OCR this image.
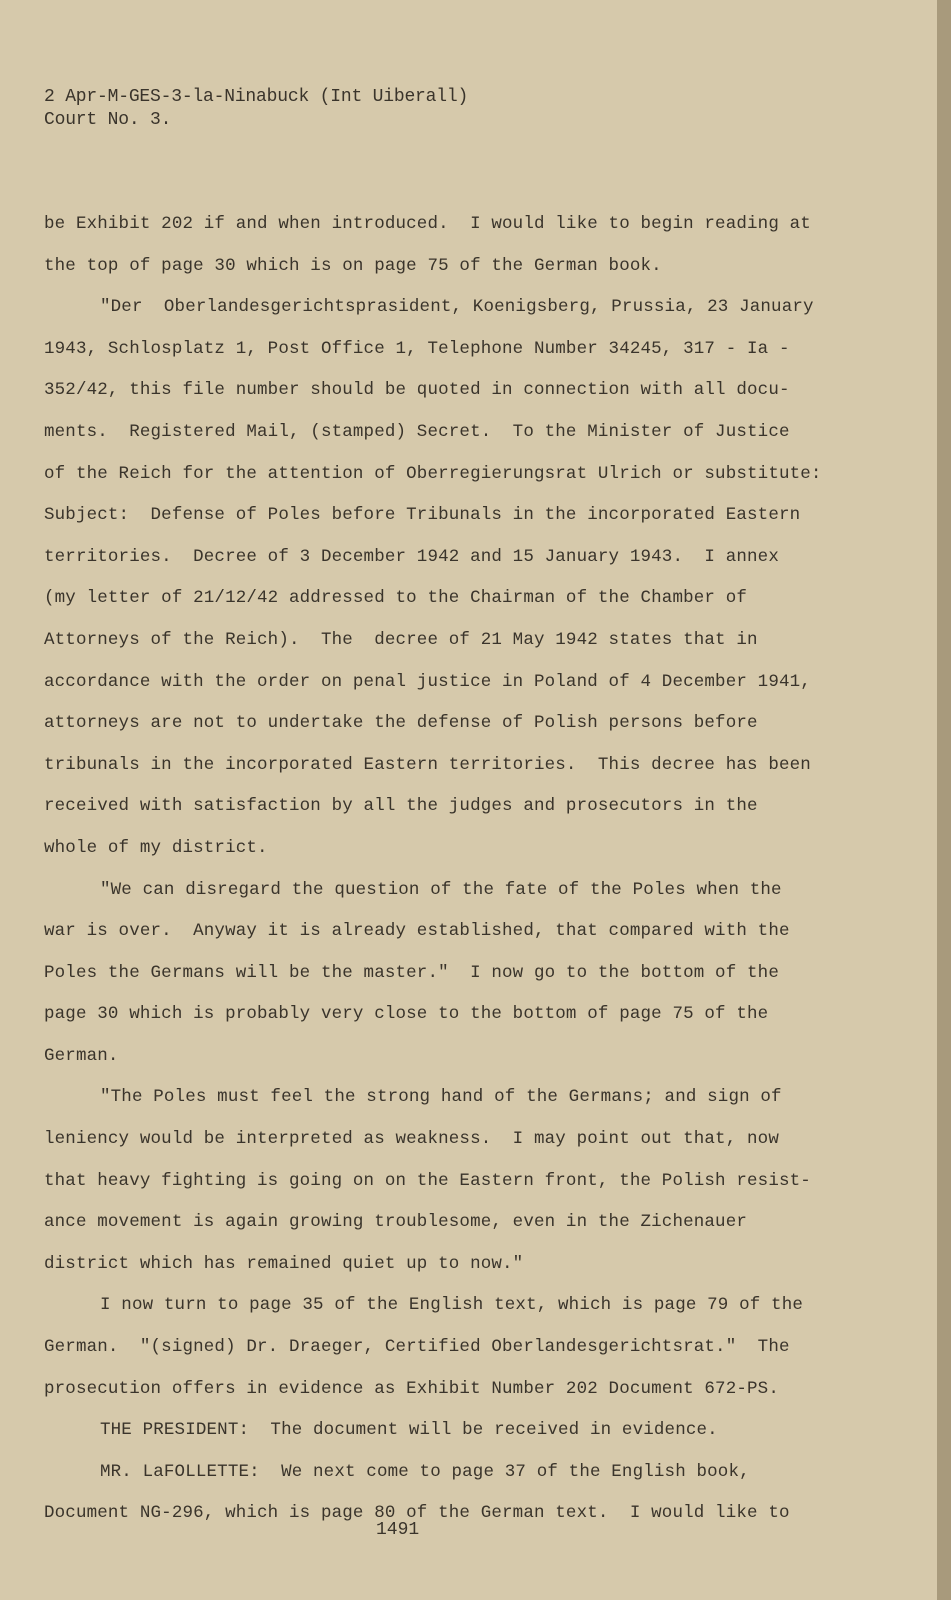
2 Apr-M-GES-3-la-Ninabuck (Int Uiberall)
Court No. 3.
be Exhibit 202 if and when introduced.  I would like to begin reading at
the top of page 30 which is on page 75 of the German book.
"Der  Oberlandesgerichtsprasident, Koenigsberg, Prussia, 23 January
1943, Schlosplatz 1, Post Office 1, Telephone Number 34245, 317 - Ia -
352/42, this file number should be quoted in connection with all docu-
ments.  Registered Mail, (stamped) Secret.  To the Minister of Justice
of the Reich for the attention of Oberregierungsrat Ulrich or substitute:
Subject:  Defense of Poles before Tribunals in the incorporated Eastern
territories.  Decree of 3 December 1942 and 15 January 1943.  I annex
(my letter of 21/12/42 addressed to the Chairman of the Chamber of
Attorneys of the Reich).  The  decree of 21 May 1942 states that in
accordance with the order on penal justice in Poland of 4 December 1941,
attorneys are not to undertake the defense of Polish persons before
tribunals in the incorporated Eastern territories.  This decree has been
received with satisfaction by all the judges and prosecutors in the
whole of my district.
"We can disregard the question of the fate of the Poles when the
war is over.  Anyway it is already established, that compared with the
Poles the Germans will be the master."  I now go to the bottom of the
page 30 which is probably very close to the bottom of page 75 of the
German.
"The Poles must feel the strong hand of the Germans; and sign of
leniency would be interpreted as weakness.  I may point out that, now
that heavy fighting is going on on the Eastern front, the Polish resist-
ance movement is again growing troublesome, even in the Zichenauer
district which has remained quiet up to now."
I now turn to page 35 of the English text, which is page 79 of the
German.  "(signed) Dr. Draeger, Certified Oberlandesgerichtsrat."  The
prosecution offers in evidence as Exhibit Number 202 Document 672-PS.
THE PRESIDENT:  The document will be received in evidence.
MR. LaFOLLETTE:  We next come to page 37 of the English book,
Document NG-296, which is page 80 of the German text.  I would like to
1491
